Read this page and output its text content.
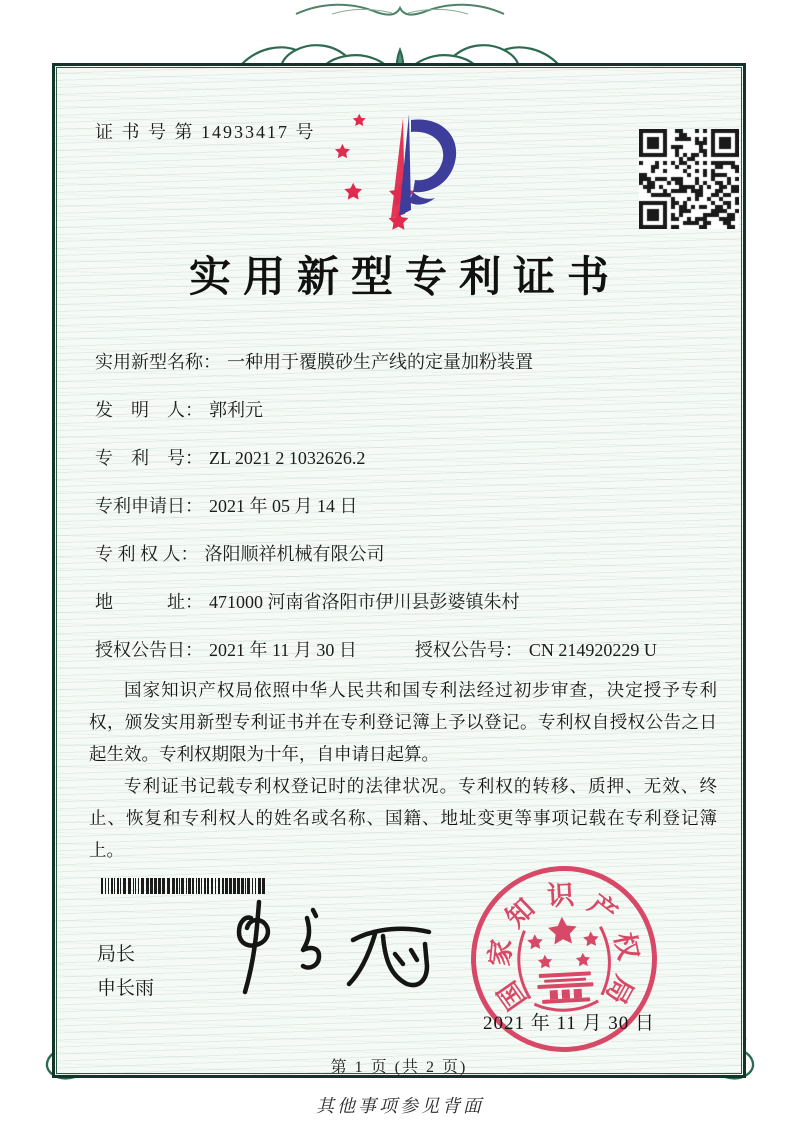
证 书 号 第 14933417 号
实用新型专利证书
实用新型名称： 一种用于覆膜砂生产线的定量加粉装置
发　明　人： 郭利元
专　利　号： ZL 2021 2 1032626.2
专利申请日： 2021 年 05 月 14 日
专 利 权 人： 洛阳顺祥机械有限公司
地　　　址： 471000 河南省洛阳市伊川县彭婆镇朱村
授权公告日： 2021 年 11 月 30 日	授权公告号： CN 214920229 U

国家知识产权局依照中华人民共和国专利法经过初步审查，决定授予专利权，颁发实用新型专利证书并在专利登记簿上予以登记。专利权自授权公告之日起生效。专利权期限为十年，自申请日起算。

专利证书记载专利权登记时的法律状况。专利权的转移、质押、无效、终止、恢复和专利权人的姓名或名称、国籍、地址变更等事项记载在专利登记簿上。

局长
申长雨	国
家
知 识 产
权
局
2021 年 11 月 30 日
第 1 页 (共 2 页)
其他事项参见背面
